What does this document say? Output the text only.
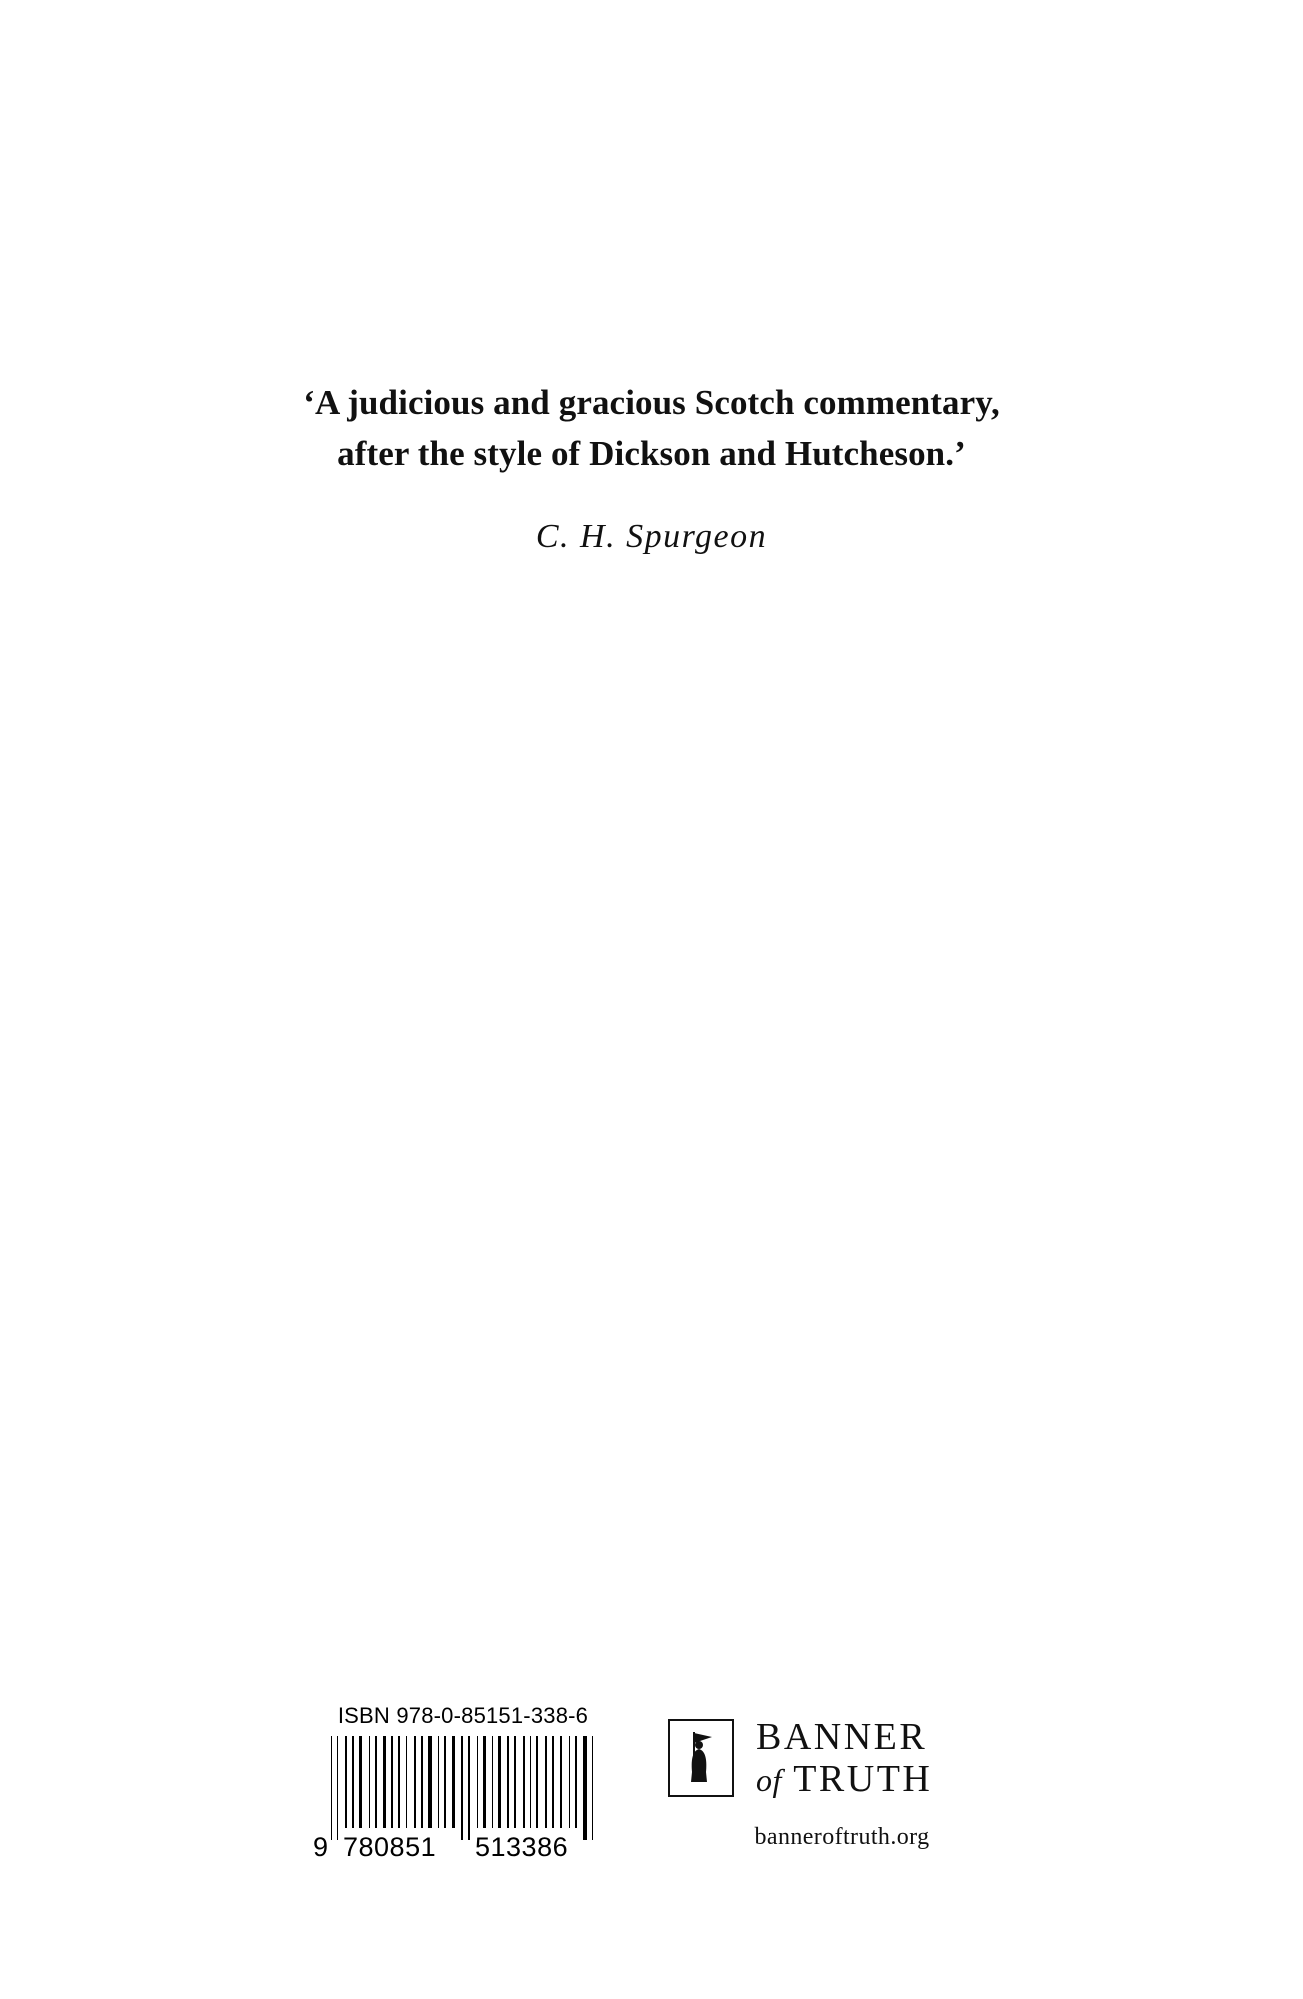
‘A judicious and gracious Scotch commentary,
after the style of Dickson and Hutcheson.’
C. H. Spurgeon
ISBN 978-0-85151-338-6
9 780851 513386
BANNER
of TRUTH
banneroftruth.org
